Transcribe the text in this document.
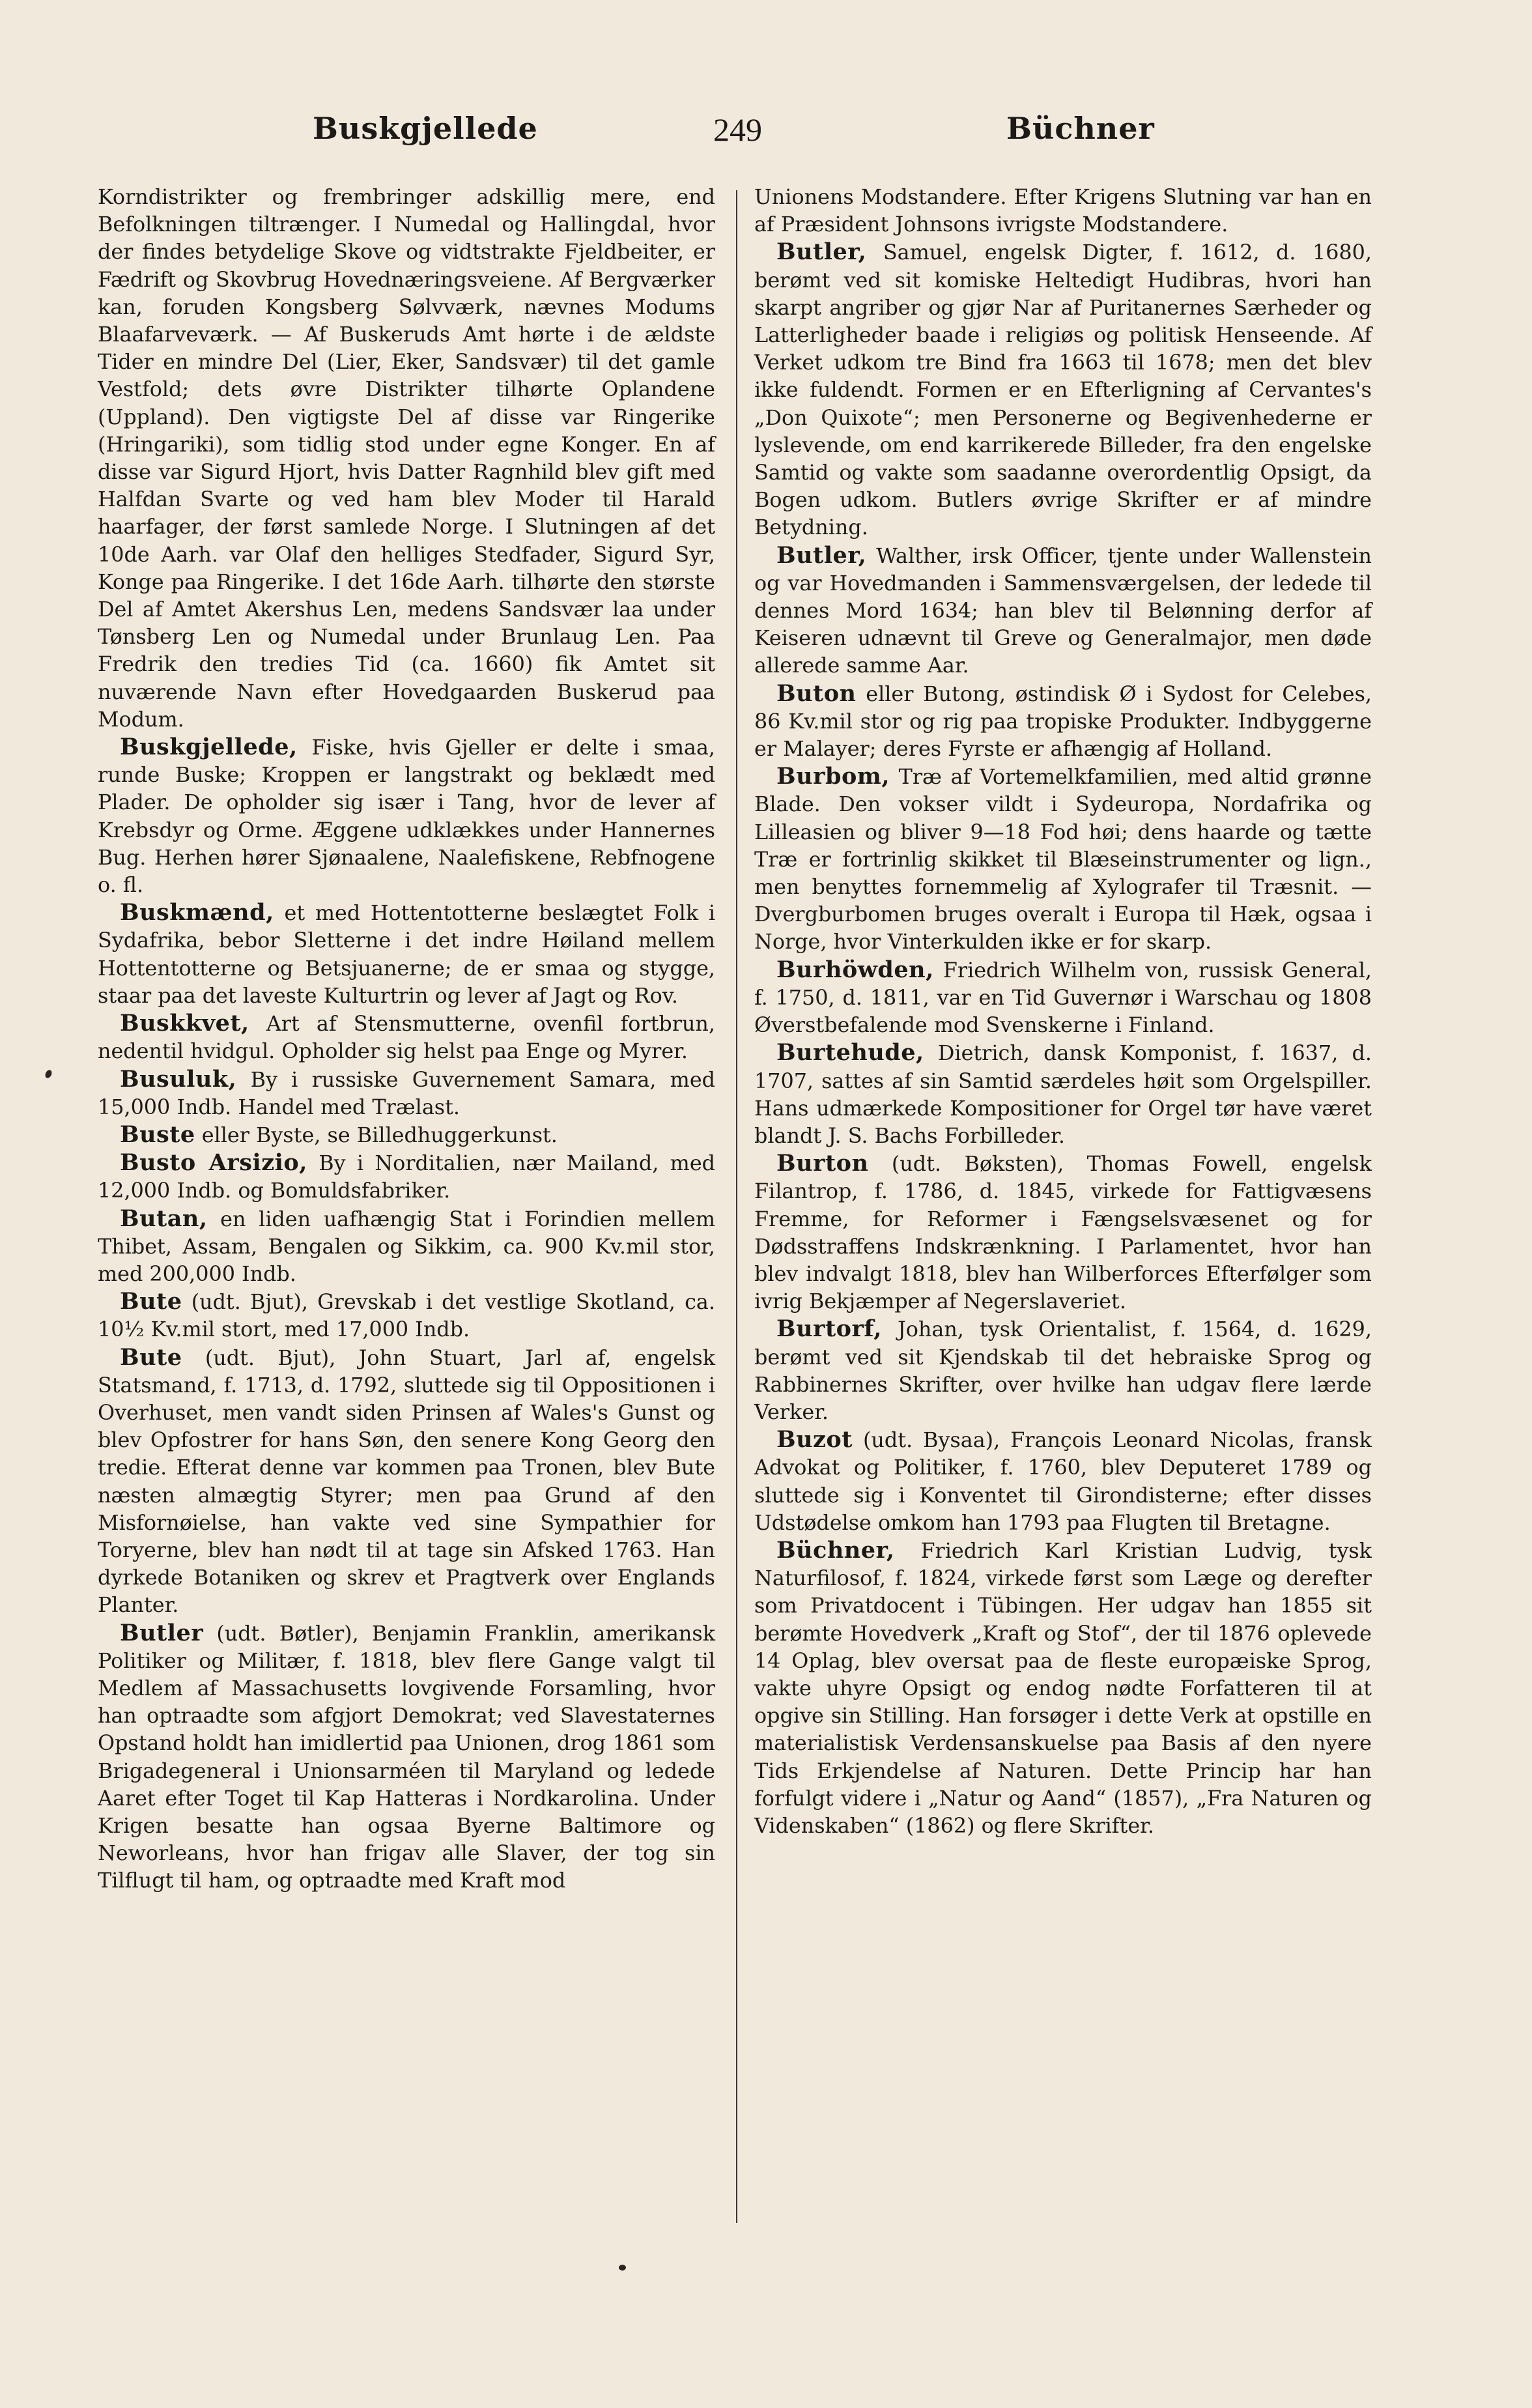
Buskgjellede	249	Büchner

Korndistrikter og frembringer adskillig mere, end Befolkningen tiltrænger. I Numedal og Hallingdal, hvor der findes betydelige Skove og vidtstrakte Fjeldbeiter, er Fædrift og Skovbrug Hovednæringsveiene. Af Bergværker kan, foruden Kongsberg Sølvværk, nævnes Modums Blaafarveværk. — Af Buskeruds Amt hørte i de ældste Tider en mindre Del (Lier, Eker, Sandsvær) til det gamle Vestfold; dets øvre Distrikter tilhørte Oplandene (Uppland). Den vigtigste Del af disse var Ringerike (Hringariki), som tidlig stod under egne Konger. En af disse var Sigurd Hjort, hvis Datter Ragnhild blev gift med Halfdan Svarte og ved ham blev Moder til Harald haarfager, der først samlede Norge. I Slutningen af det 10de Aarh. var Olaf den helliges Stedfader, Sigurd Syr, Konge paa Ringerike. I det 16de Aarh. tilhørte den største Del af Amtet Akershus Len, medens Sandsvær laa under Tønsberg Len og Numedal under Brunlaug Len. Paa Fredrik den tredies Tid (ca. 1660) fik Amtet sit nuværende Navn efter Hovedgaarden Buskerud paa Modum.

Buskgjellede, Fiske, hvis Gjeller er delte i smaa, runde Buske; Kroppen er langstrakt og beklædt med Plader. De opholder sig især i Tang, hvor de lever af Krebsdyr og Orme. Æggene udklækkes under Hannernes Bug. Herhen hører Sjønaalene, Naalefiskene, Rebfnogene o. fl.

Buskmænd, et med Hottentotterne beslægtet Folk i Sydafrika, bebor Sletterne i det indre Høiland mellem Hottentotterne og Betsjuanerne; de er smaa og styggе, staar paa det laveste Kulturtrin og lever af Jagt og Rov.

Buskkvet, Art af Stensmutterne, ovenfil fortbrun, nedentil hvidgul. Opholder sig helst paa Enge og Myrer.

Busuluk, By i russiske Guvernement Samara, med 15,000 Indb. Handel med Trælast.

Buste eller Byste, se Billedhuggerkunst.

Busto Arsizio, By i Norditalien, nær Mailand, med 12,000 Indb. og Bomuldsfabriker.

Butan, en liden uafhængig Stat i Forindien mellem Thibet, Assam, Bengalen og Sikkim, ca. 900 Kv.mil stor, med 200,000 Indb.

Bute (udt. Bjut), Grevskab i det vestlige Skotland, ca. 10½ Kv.mil stort, med 17,000 Indb.

Bute (udt. Bjut), John Stuart, Jarl af, engelsk Statsmand, f. 1713, d. 1792, sluttede sig til Oppositionen i Overhuset, men vandt siden Prinsen af Wales's Gunst og blev Opfostrer for hans Søn, den senere Kong Georg den tredie. Efterat denne var kommen paa Tronen, blev Bute næsten almægtig Styrer; men paa Grund af den Misfornøielse, han vakte ved sine Sympathier for Toryerne, blev han nødt til at tage sin Afsked 1763. Han dyrkede Botaniken og skrev et Pragtverk over Englands Planter.

Butler (udt. Bøtler), Benjamin Franklin, amerikansk Politiker og Militær, f. 1818, blev flere Gange valgt til Medlem af Massachusetts lovgivende Forsamling, hvor han optraadte som afgjort Demokrat; ved Slavestaternes Opstand holdt han imidlertid paa Unionen, drog 1861 som Brigadegeneral i Unionsarméen til Maryland og ledede Aaret efter Toget til Kap Hatteras i Nordkarolina. Under Krigen besatte han ogsaa Byerne Baltimore og Neworleans, hvor han frigav alle Slaver, der tog sin Tilflugt til ham, og optraadte med Kraft mod

Unionens Modstandere. Efter Krigens Slutning var han en af Præsident Johnsons ivrigste Modstandere.

Butler, Samuel, engelsk Digter, f. 1612, d. 1680, berømt ved sit komiske Heltedigt Hudibras, hvori han skarpt angriber og gjør Nar af Puritanernes Særheder og Latterligheder baade i religiøs og politisk Henseende. Af Verket udkom tre Bind fra 1663 til 1678; men det blev ikke fuldendt. Formen er en Efterligning af Cervantes's „Don Quixote“; men Personerne og Begivenhederne er lyslevende, om end karrikerede Billeder, fra den engelske Samtid og vakte som saadanne overordentlig Opsigt, da Bogen udkom. Butlers øvrige Skrifter er af mindre Betydning.

Butler, Walther, irsk Officer, tjente under Wallenstein og var Hovedmanden i Sammensværgelsen, der ledede til dennes Mord 1634; han blev til Belønning derfor af Keiseren udnævnt til Greve og Generalmajor, men døde allerede samme Aar.

Buton eller Butong, østindisk Ø i Sydost for Celebes, 86 Kv.mil stor og rig paa tropiske Produkter. Indbyggerne er Malayer; deres Fyrste er afhængig af Holland.

Burbom, Træ af Vortemelkfamilien, med altid grønne Blade. Den vokser vildt i Sydeuropa, Nordafrika og Lilleasien og bliver 9—18 Fod høi; dens haarde og tætte Træ er fortrinlig skikket til Blæseinstrumenter og lign., men benyttes fornemmelig af Xylografer til Træsnit. — Dvergburbomen bruges overalt i Europa til Hæk, ogsaa i Norge, hvor Vinterkulden ikke er for skarp.

Burhöwden, Friedrich Wilhelm von, russisk General, f. 1750, d. 1811, var en Tid Guvernør i Warschau og 1808 Øverstbefalende mod Svenskerne i Finland.

Burtehude, Dietrich, dansk Komponist, f. 1637, d. 1707, sattes af sin Samtid særdeles høit som Orgelspiller. Hans udmærkede Kompositioner for Orgel tør have været blandt J. S. Bachs Forbilleder.

Burton (udt. Bøksten), Thomas Fowell, engelsk Filantrop, f. 1786, d. 1845, virkede for Fattigvæsens Fremme, for Reformer i Fængselsvæsenet og for Dødsstraffens Indskrænkning. I Parlamentet, hvor han blev indvalgt 1818, blev han Wilberforces Efterfølger som ivrig Bekjæmper af Negerslaveriet.

Burtorf, Johan, tysk Orientalist, f. 1564, d. 1629, berømt ved sit Kjendskab til det hebraiske Sprog og Rabbinernes Skrifter, over hvilke han udgav flere lærde Verker.

Buzot (udt. Bysaa), François Leonard Nicolas, fransk Advokat og Politiker, f. 1760, blev Deputeret 1789 og sluttede sig i Konventet til Girondisterne; efter disses Udstødelse omkom han 1793 paa Flugten til Bretagne.

Büchner, Friedrich Karl Kristian Ludvig, tysk Naturfilosof, f. 1824, virkede først som Læge og derefter som Privatdocent i Tübingen. Her udgav han 1855 sit berømte Hovedverk „Kraft og Stof“, der til 1876 oplevede 14 Oplag, blev oversat paa de fleste europæiske Sprog, vakte uhyre Opsigt og endog nødte Forfatteren til at opgive sin Stilling. Han forsøger i dette Verk at opstille en materialistisk Verdensanskuelse paa Basis af den nyere Tids Erkjendelse af Naturen. Dette Princip har han forfulgt videre i „Natur og Aand“ (1857), „Fra Naturen og Videnskaben“ (1862) og flere Skrifter.
